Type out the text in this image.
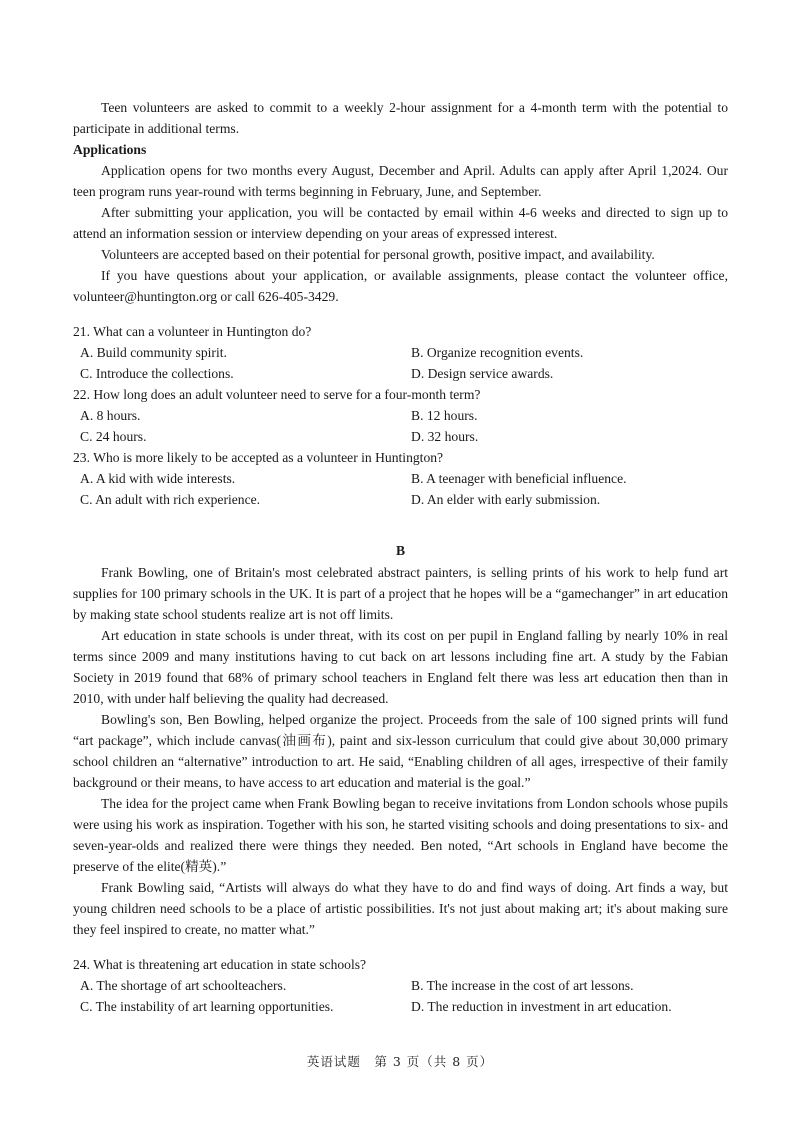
Teen volunteers are asked to commit to a weekly 2-hour assignment for a 4-month term with the potential to participate in additional terms.

Applications

Application opens for two months every August, December and April. Adults can apply after April 1,2024. Our teen program runs year-round with terms beginning in February, June, and September.

After submitting your application, you will be contacted by email within 4-6 weeks and directed to sign up to attend an information session or interview depending on your areas of expressed interest.

Volunteers are accepted based on their potential for personal growth, positive impact, and availability.

If you have questions about your application, or available assignments, please contact the volunteer office, volunteer@huntington.org or call 626-405-3429.

21. What can a volunteer in Huntington do?

A. Build community spirit.	B. Organize recognition events.
C. Introduce the collections.	D. Design service awards.

22. How long does an adult volunteer need to serve for a four-month term?

A. 8 hours.	B. 12 hours.
C. 24 hours.	D. 32 hours.

23. Who is more likely to be accepted as a volunteer in Huntington?

A. A kid with wide interests.	B. A teenager with beneficial influence.
C. An adult with rich experience.	D. An elder with early submission.

B

Frank Bowling, one of Britain's most celebrated abstract painters, is selling prints of his work to help fund art supplies for 100 primary schools in the UK. It is part of a project that he hopes will be a “gamechanger” in art education by making state school students realize art is not off limits.

Art education in state schools is under threat, with its cost on per pupil in England falling by nearly 10% in real terms since 2009 and many institutions having to cut back on art lessons including fine art. A study by the Fabian Society in 2019 found that 68% of primary school teachers in England felt there was less art education then than in 2010, with under half believing the quality had decreased.

Bowling's son, Ben Bowling, helped organize the project. Proceeds from the sale of 100 signed prints will fund “art package”, which include canvas(油画布), paint and six-lesson curriculum that could give about 30,000 primary school children an “alternative” introduction to art. He said, “Enabling children of all ages, irrespective of their family background or their means, to have access to art education and material is the goal.”

The idea for the project came when Frank Bowling began to receive invitations from London schools whose pupils were using his work as inspiration. Together with his son, he started visiting schools and doing presentations to six- and seven-year-olds and realized there were things they needed. Ben noted, “Art schools in England have become the preserve of the elite(精英).”

Frank Bowling said, “Artists will always do what they have to do and find ways of doing. Art finds a way, but young children need schools to be a place of artistic possibilities. It's not just about making art; it's about making sure they feel inspired to create, no matter what.”

24. What is threatening art education in state schools?

A. The shortage of art schoolteachers.	B. The increase in the cost of art lessons.
C. The instability of art learning opportunities.	D. The reduction in investment in art education.
英语试题　第 3 页（共 8 页）
